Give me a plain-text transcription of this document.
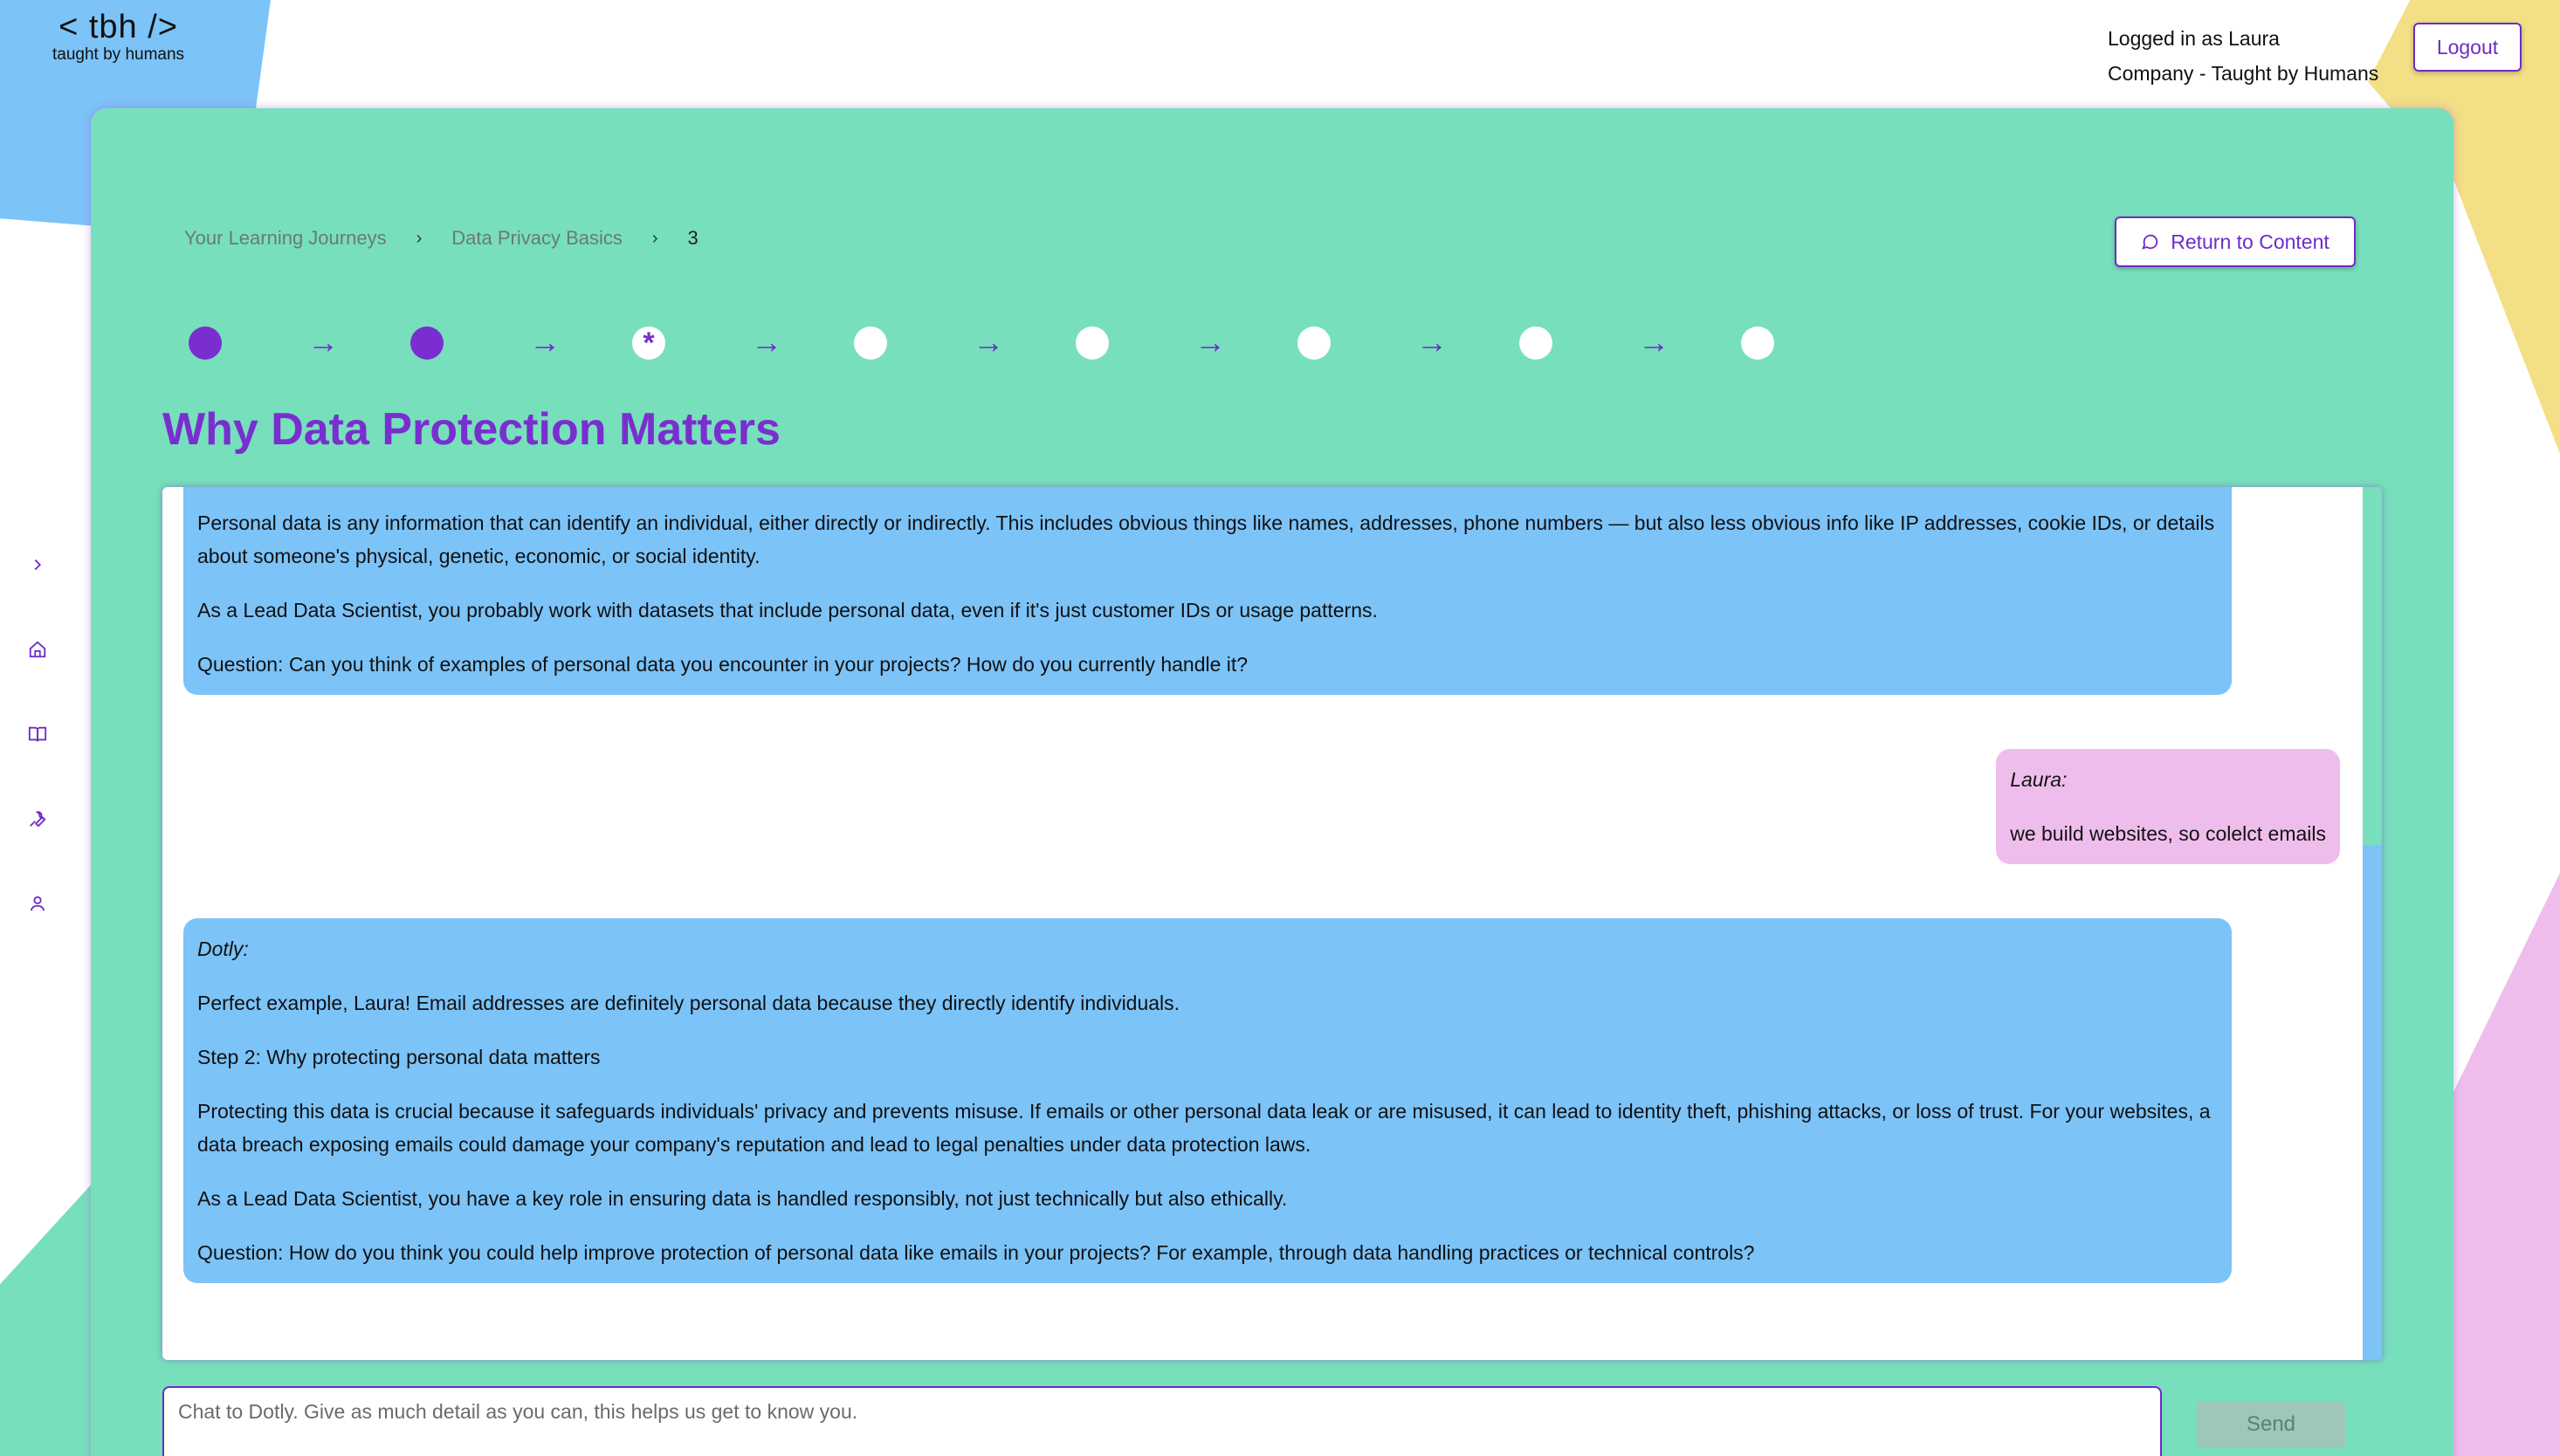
< tbh />
taught by humans
Logged in as Laura
Company - Taught by Humans
Logout
Your Learning Journeys › Data Privacy Basics › 3	Return to Content
→	→	*	→	→	→	→	→
Why Data Protection Matters

Personal data is any information that can identify an individual, either directly or indirectly. This includes obvious things like names, addresses, phone numbers — but also less obvious info like IP addresses, cookie IDs, or details about someone's physical, genetic, economic, or social identity.

As a Lead Data Scientist, you probably work with datasets that include personal data, even if it's just customer IDs or usage patterns.

Question: Can you think of examples of personal data you encounter in your projects? How do you currently handle it?

Laura:

we build websites, so colelct emails

Dotly:

Perfect example, Laura! Email addresses are definitely personal data because they directly identify individuals.

Step 2: Why protecting personal data matters

Protecting this data is crucial because it safeguards individuals' privacy and prevents misuse. If emails or other personal data leak or are misused, it can lead to identity theft, phishing attacks, or loss of trust. For your websites, a data breach exposing emails could damage your company's reputation and lead to legal penalties under data protection laws.

As a Lead Data Scientist, you have a key role in ensuring data is handled responsibly, not just technically but also ethically.

Question: How do you think you could help improve protection of personal data like emails in your projects? For example, through data handling practices or technical controls?

Chat to Dotly. Give as much detail as you can, this helps us get to know you.
Send
